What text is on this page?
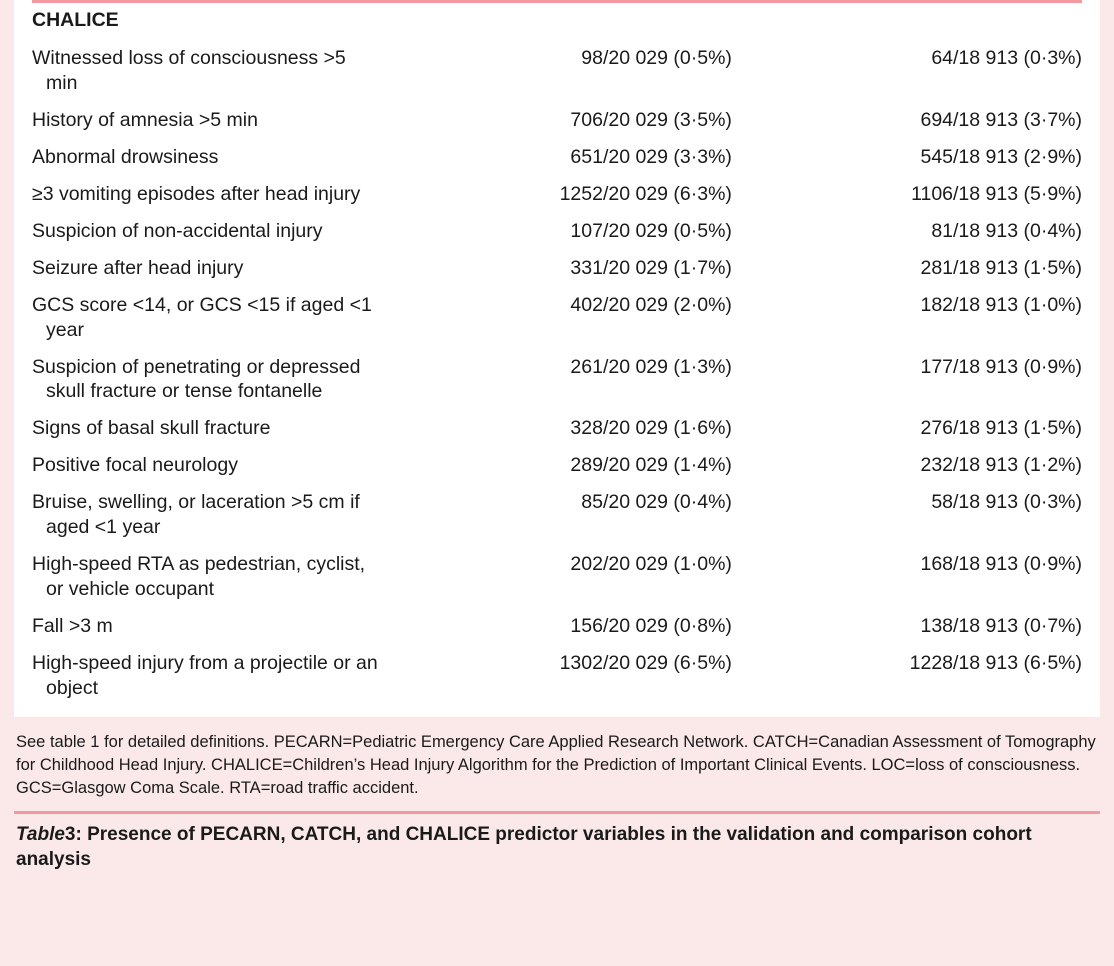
CHALICE		

Witnessed loss of consciousness >5 min	98/20 029 (0·5%)	64/18 913 (0·3%)

History of amnesia >5 min	706/20 029 (3·5%)	694/18 913 (3·7%)

Abnormal drowsiness	651/20 029 (3·3%)	545/18 913 (2·9%)

≥3 vomiting episodes after head injury	1252/20 029 (6·3%)	1106/18 913 (5·9%)

Suspicion of non-accidental injury	107/20 029 (0·5%)	81/18 913 (0·4%)

Seizure after head injury	331/20 029 (1·7%)	281/18 913 (1·5%)

GCS score <14, or GCS <15 if aged <1 year	402/20 029 (2·0%)	182/18 913 (1·0%)

Suspicion of penetrating or depressed skull fracture or tense fontanelle	261/20 029 (1·3%)	177/18 913 (0·9%)

Signs of basal skull fracture	328/20 029 (1·6%)	276/18 913 (1·5%)

Positive focal neurology	289/20 029 (1·4%)	232/18 913 (1·2%)

Bruise, swelling, or laceration >5 cm if aged <1 year	85/20 029 (0·4%)	58/18 913 (0·3%)

High-speed RTA as pedestrian, cyclist, or vehicle occupant	202/20 029 (1·0%)	168/18 913 (0·9%)

Fall >3 m	156/20 029 (0·8%)	138/18 913 (0·7%)

High-speed injury from a projectile or an object	1302/20 029 (6·5%)	1228/18 913 (6·5%)
See table 1 for detailed definitions. PECARN=Pediatric Emergency Care Applied Research Network. CATCH=Canadian Assessment of Tomography for Childhood Head Injury. CHALICE=Children’s Head Injury Algorithm for the Prediction of Important Clinical Events. LOC=loss of consciousness. GCS=Glasgow Coma Scale. RTA=road traffic accident.
Table3: Presence of PECARN, CATCH, and CHALICE predictor variables in the validation and comparison cohort analysis
